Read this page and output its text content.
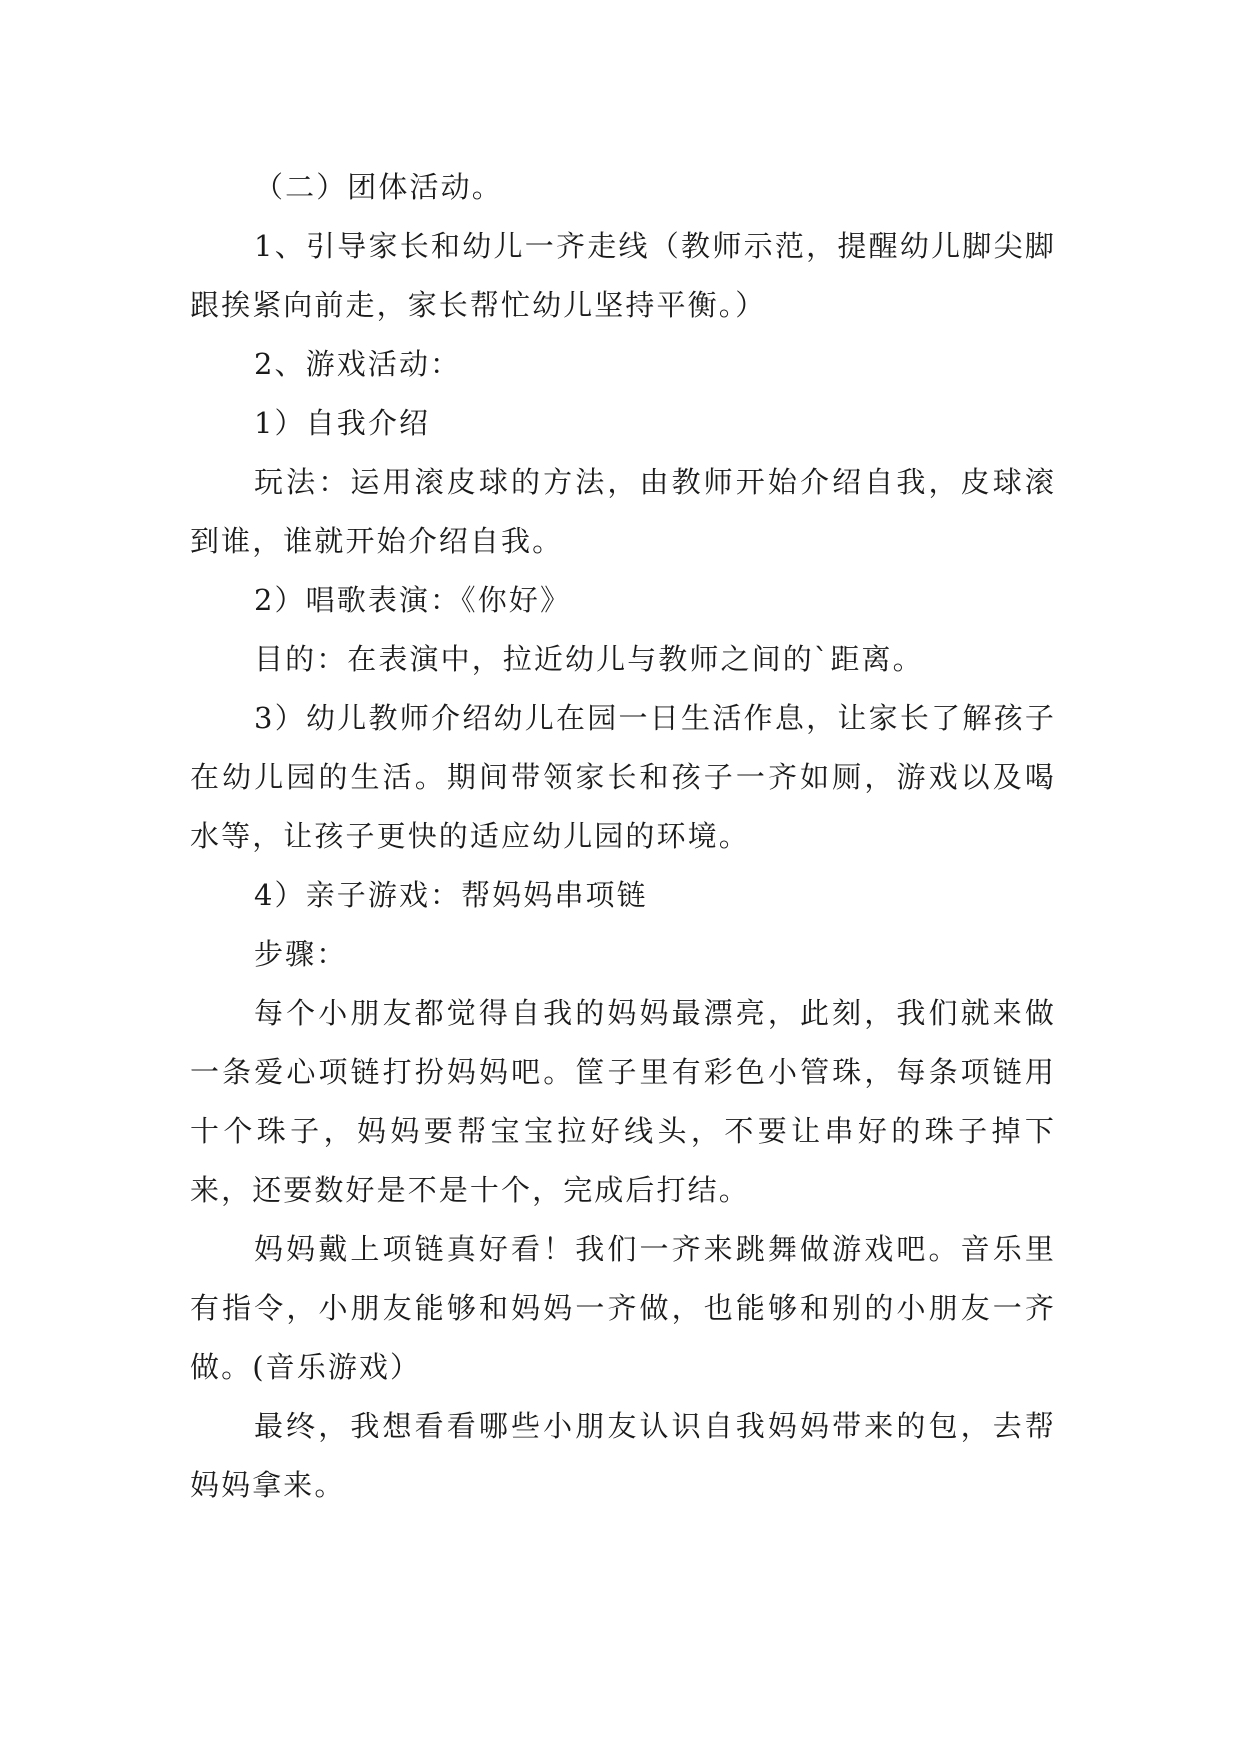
（二）团体活动。

1、引导家长和幼儿一齐走线（教师示范，提醒幼儿脚尖脚跟挨紧向前走，家长帮忙幼儿坚持平衡。）

2、游戏活动：

1）自我介绍

玩法：运用滚皮球的方法，由教师开始介绍自我，皮球滚到谁，谁就开始介绍自我。

2）唱歌表演：《你好》

目的：在表演中，拉近幼儿与教师之间的`距离。

3）幼儿教师介绍幼儿在园一日生活作息，让家长了解孩子在幼儿园的生活。期间带领家长和孩子一齐如厕，游戏以及喝水等，让孩子更快的适应幼儿园的环境。

4）亲子游戏：帮妈妈串项链

步骤：

每个小朋友都觉得自我的妈妈最漂亮，此刻，我们就来做一条爱心项链打扮妈妈吧。筐子里有彩色小管珠，每条项链用十个珠子，妈妈要帮宝宝拉好线头，不要让串好的珠子掉下来，还要数好是不是十个，完成后打结。

妈妈戴上项链真好看！我们一齐来跳舞做游戏吧。音乐里有指令，小朋友能够和妈妈一齐做，也能够和别的小朋友一齐做。(音乐游戏）

最终，我想看看哪些小朋友认识自我妈妈带来的包，去帮妈妈拿来。
